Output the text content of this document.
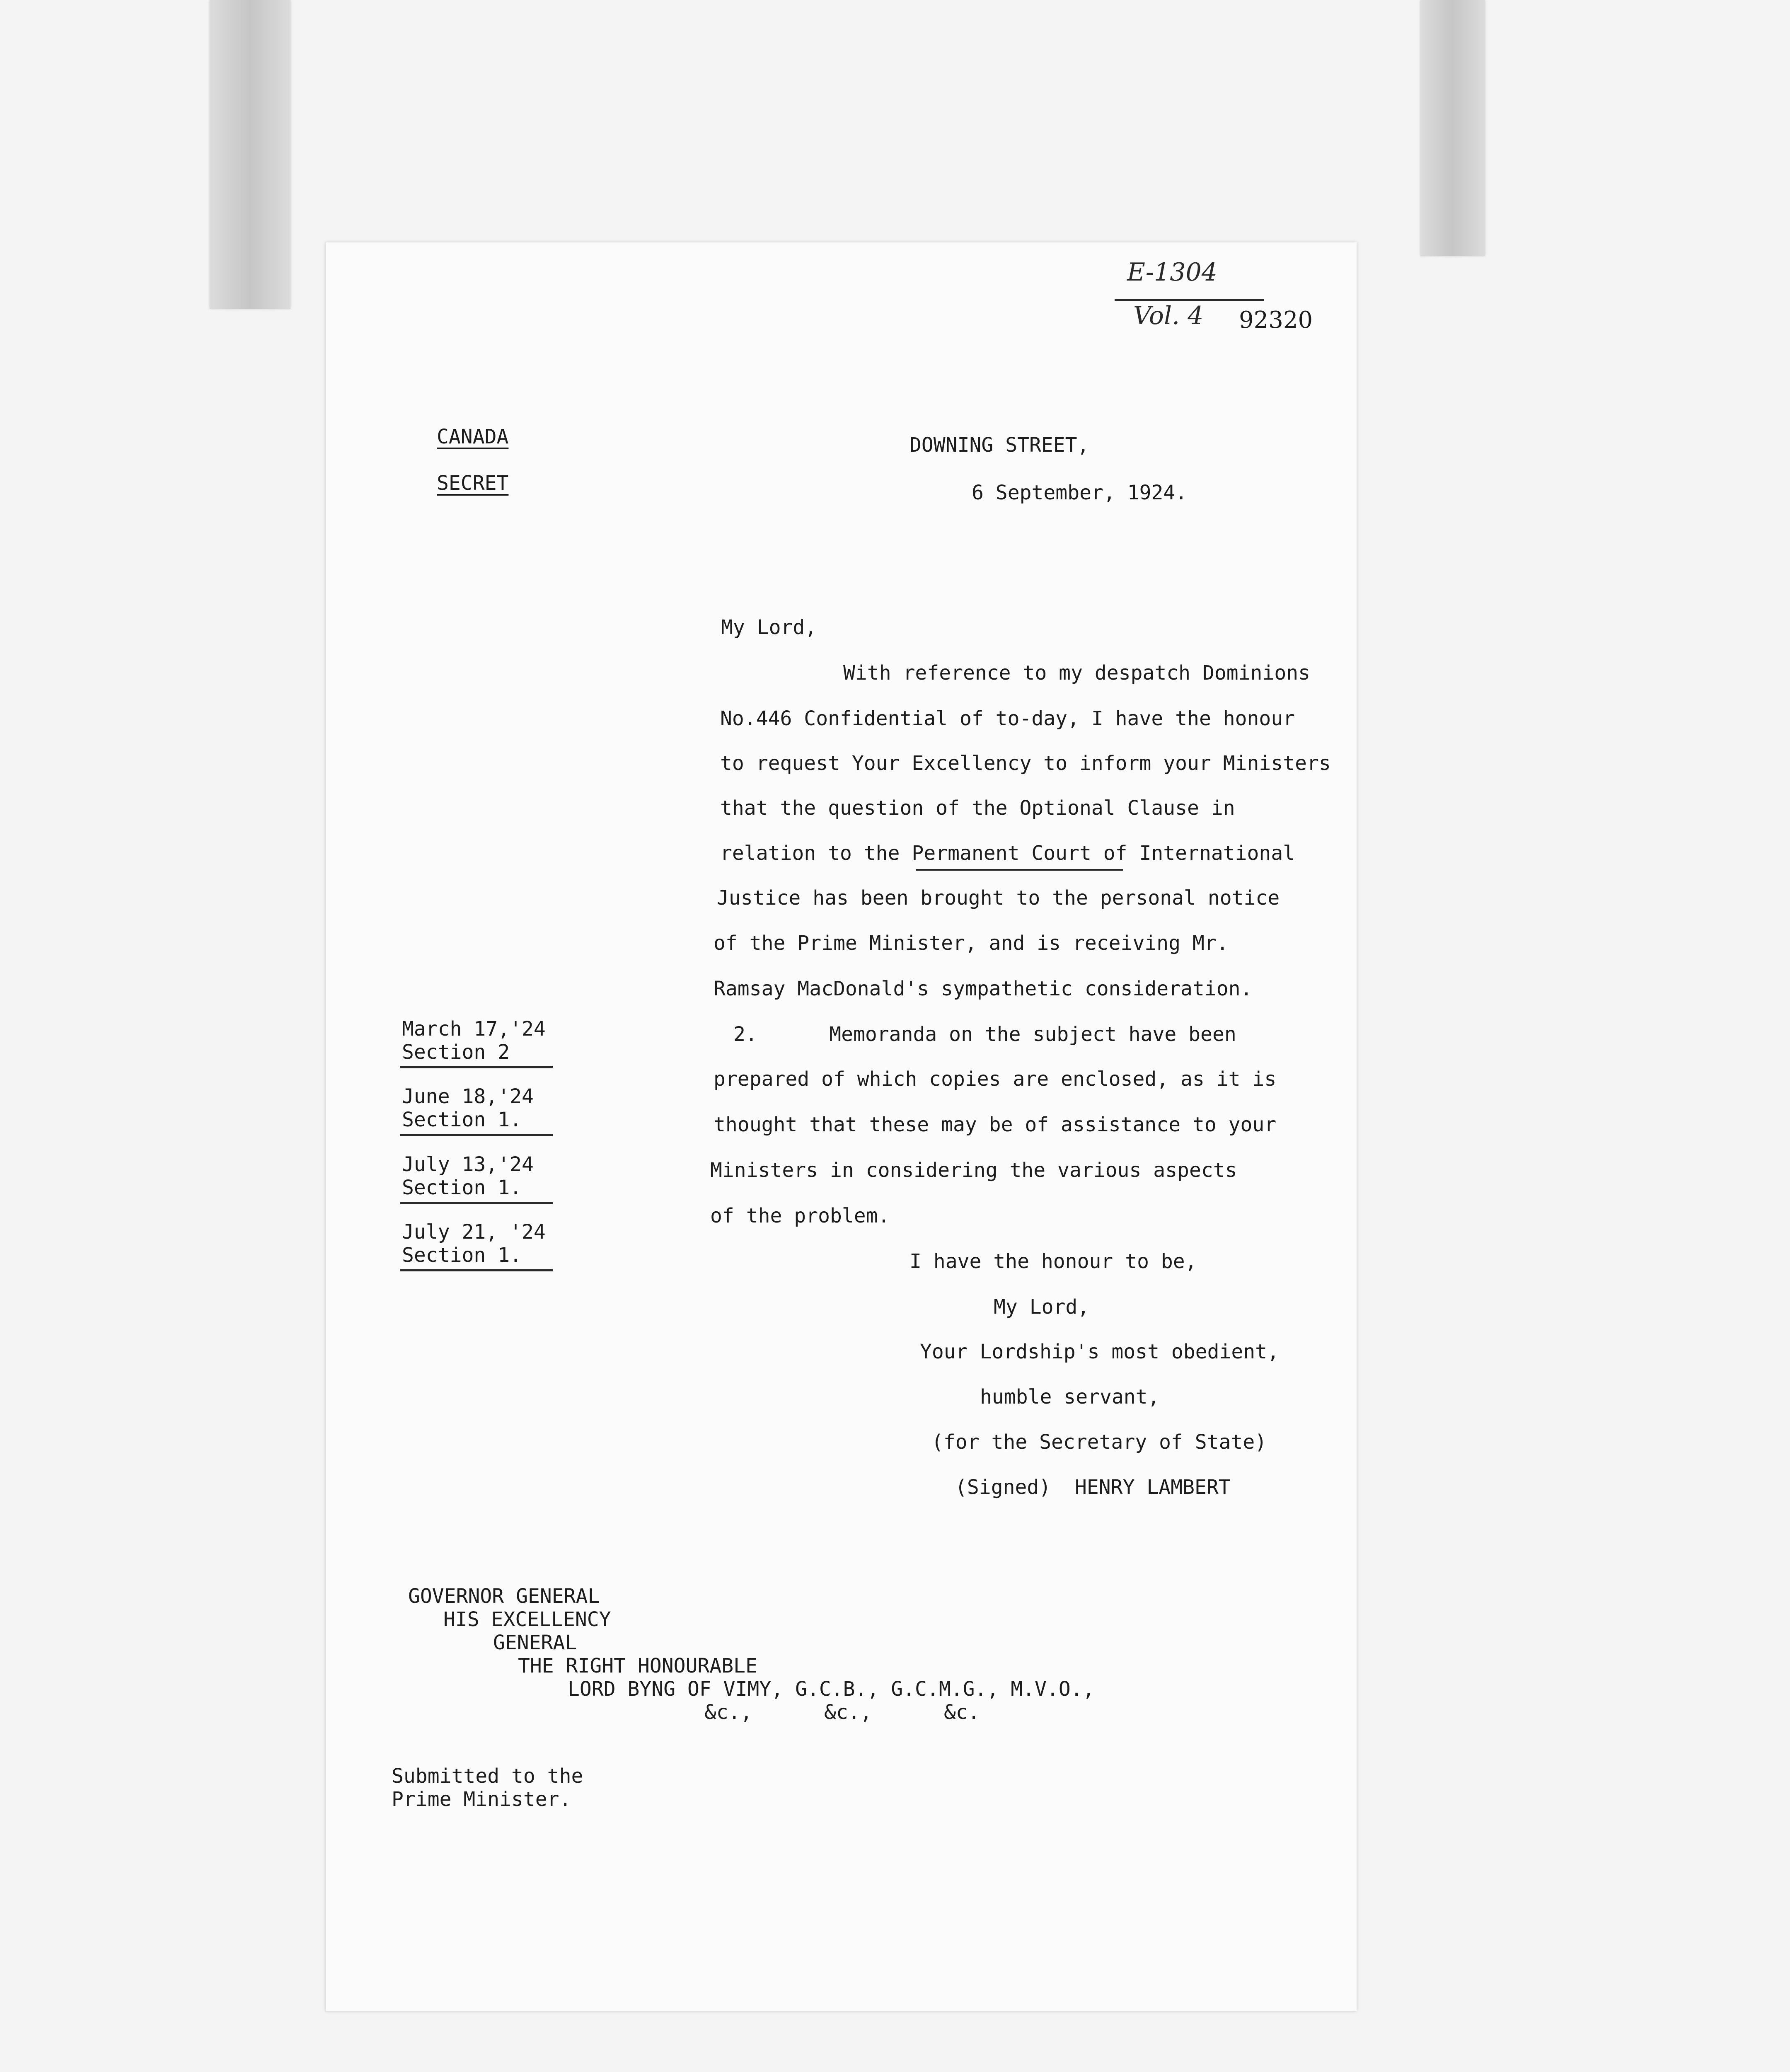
E-1304
Vol. 4 92320
CANADA
SECRET
DOWNING STREET,
6 September, 1924.
My Lord,
With reference to my despatch Dominions
No.446 Confidential of to-day, I have the honour
to request Your Excellency to inform your Ministers
that the question of the Optional Clause in
relation to the Permanent Court of International
Justice has been brought to the personal notice
of the Prime Minister, and is receiving Mr.
Ramsay MacDonald's sympathetic consideration.
2.      Memoranda on the subject have been
prepared of which copies are enclosed, as it is
thought that these may be of assistance to your
Ministers in considering the various aspects
of the problem.
March 17,'24
Section 2
June 18,'24
Section 1.
July 13,'24
Section 1.
July 21, '24
Section 1.	I have the honour to be,
My Lord,
Your Lordship's most obedient,
humble servant,
(for the Secretary of State)
(Signed)  HENRY LAMBERT
GOVERNOR GENERAL
HIS EXCELLENCY
GENERAL
THE RIGHT HONOURABLE
LORD BYNG OF VIMY, G.C.B., G.C.M.G., M.V.O.,
&c.,      &c.,      &c.
Submitted to the
Prime Minister.
